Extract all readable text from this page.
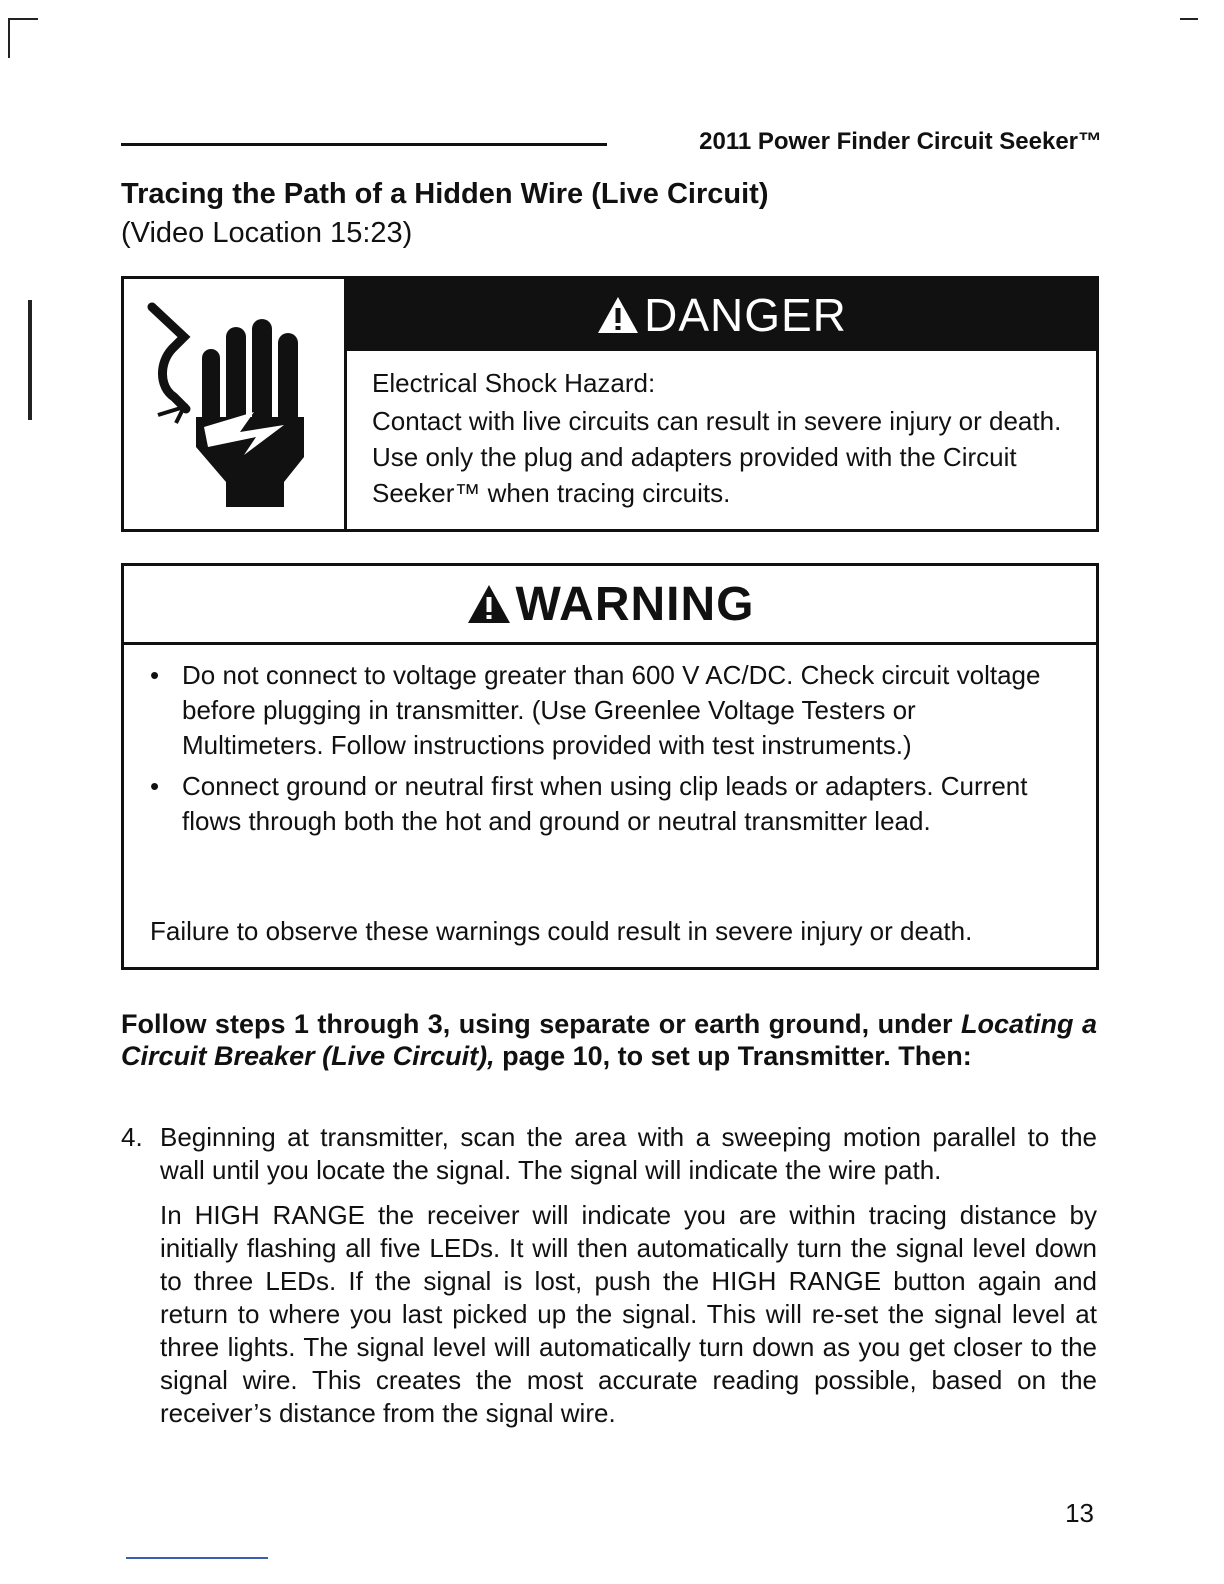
2011 Power Finder Circuit Seeker™
Tracing the Path of a Hidden Wire (Live Circuit)
(Video Location 15:23)
DANGER

Electrical Shock Hazard:

Contact with live circuits can result in severe injury or death. Use only the plug and adapters provided with the Circuit Seeker™ when tracing circuits.

WARNING
• Do not connect to voltage greater than 600 V AC/DC. Check circuit voltage before plugging in transmitter. (Use Greenlee Voltage Testers or Multimeters. Follow instructions provided with test instruments.)
• Connect ground or neutral first when using clip leads or adapters. Current flows through both the hot and ground or neutral transmitter lead.
Failure to observe these warnings could result in severe injury or death.
Follow steps 1 through 3, using separate or earth ground, under Locating a Circuit Breaker (Live Circuit), page 10, to set up Transmitter. Then:
4. Beginning at transmitter, scan the area with a sweeping motion parallel to the wall until you locate the signal. The signal will indicate the wire path.

In HIGH RANGE the receiver will indicate you are within tracing distance by initially flashing all five LEDs. It will then automatically turn the signal level down to three LEDs. If the signal is lost, push the HIGH RANGE button again and return to where you last picked up the signal. This will re-set the signal level at three lights. The signal level will automatically turn down as you get closer to the signal wire. This creates the most accurate reading possible, based on the receiver’s distance from the signal wire.

13
